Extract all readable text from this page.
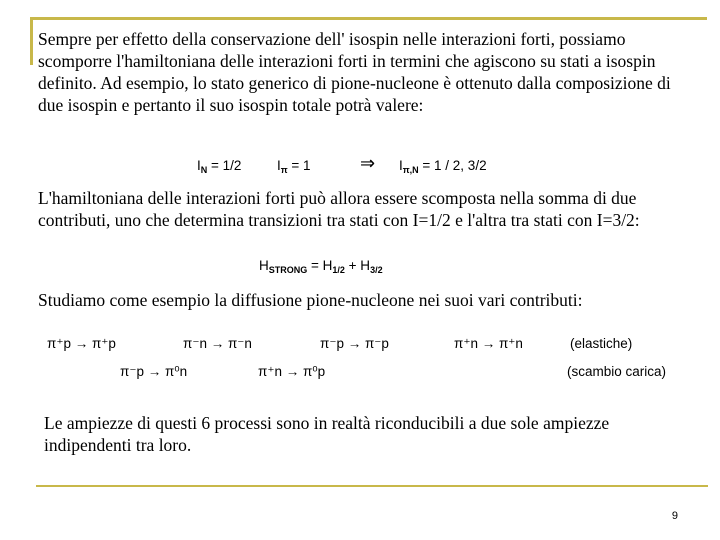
Sempre per effetto della conservazione dell' isospin nelle interazioni forti, possiamo scomporre l'hamiltoniana delle interazioni forti in termini che agiscono su stati a isospin definito. Ad esempio, lo stato generico di pione-nucleone è ottenuto dalla composizione di due isospin e pertanto il suo isospin totale potrà valere:

$I_N = 1/2$	$I_\pi = 1$	⇒ $I_{\pi,N} = 1 / 2$, 3/2

L'hamiltoniana delle interazioni forti può allora essere scomposta nella somma di due contributi, uno che determina transizioni tra stati con I=1/2 e l'altra tra stati con I=3/2:

$H_{STRONG} = H_{1/2} + H_{3/2}$

Studiamo come esempio la diffusione pione-nucleone nei suoi vari contributi:

π⁺p → π⁺p	π⁻n → π⁻n	π⁻p → π⁻p	π⁺n → π⁺n	(elastiche)
π⁻p → π⁰n	π⁺n → π⁰p	(scambio carica)

Le ampiezze di questi 6 processi sono in realtà riconducibili a due sole ampiezze indipendenti tra loro.

9
